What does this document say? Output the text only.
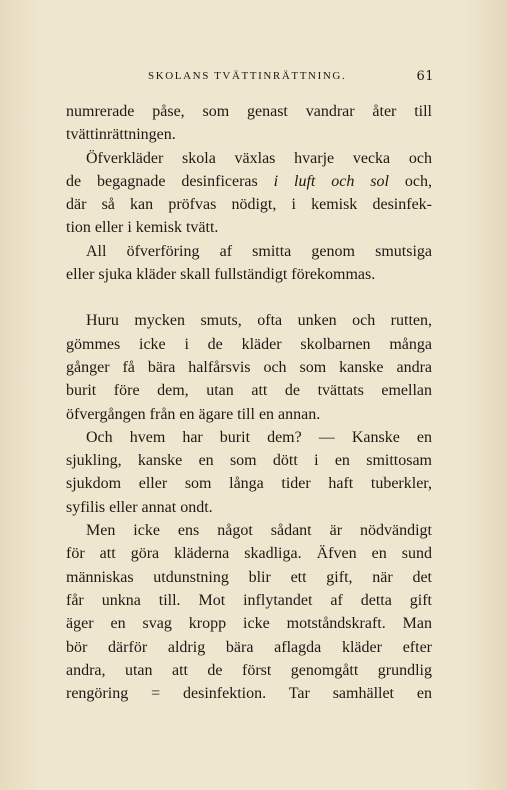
SKOLANS TVÄTTINRÄTTNING.	61

numrerade påse, som genast vandrar åter till
tvättinrättningen.

Öfverkläder skola växlas hvarje vecka och
de begagnade desinficeras i luft och sol och,
där så kan pröfvas nödigt, i kemisk desinfek-
tion eller i kemisk tvätt.

All öfverföring af smitta genom smutsiga
eller sjuka kläder skall fullständigt förekommas.

Huru mycken smuts, ofta unken och rutten,
gömmes icke i de kläder skolbarnen många
gånger få bära halfårsvis och som kanske andra
burit före dem, utan att de tvättats emellan
öfvergången från en ägare till en annan.

Och hvem har burit dem? — Kanske en
sjukling, kanske en som dött i en smittosam
sjukdom eller som långa tider haft tuberkler,
syfilis eller annat ondt.

Men icke ens något sådant är nödvändigt
för att göra kläderna skadliga. Äfven en sund
människas utdunstning blir ett gift, när det
får unkna till. Mot inflytandet af detta gift
äger en svag kropp icke motståndskraft. Man
bör därför aldrig bära aflagda kläder efter
andra, utan att de först genomgått grundlig
rengöring = desinfektion. Tar samhället en
